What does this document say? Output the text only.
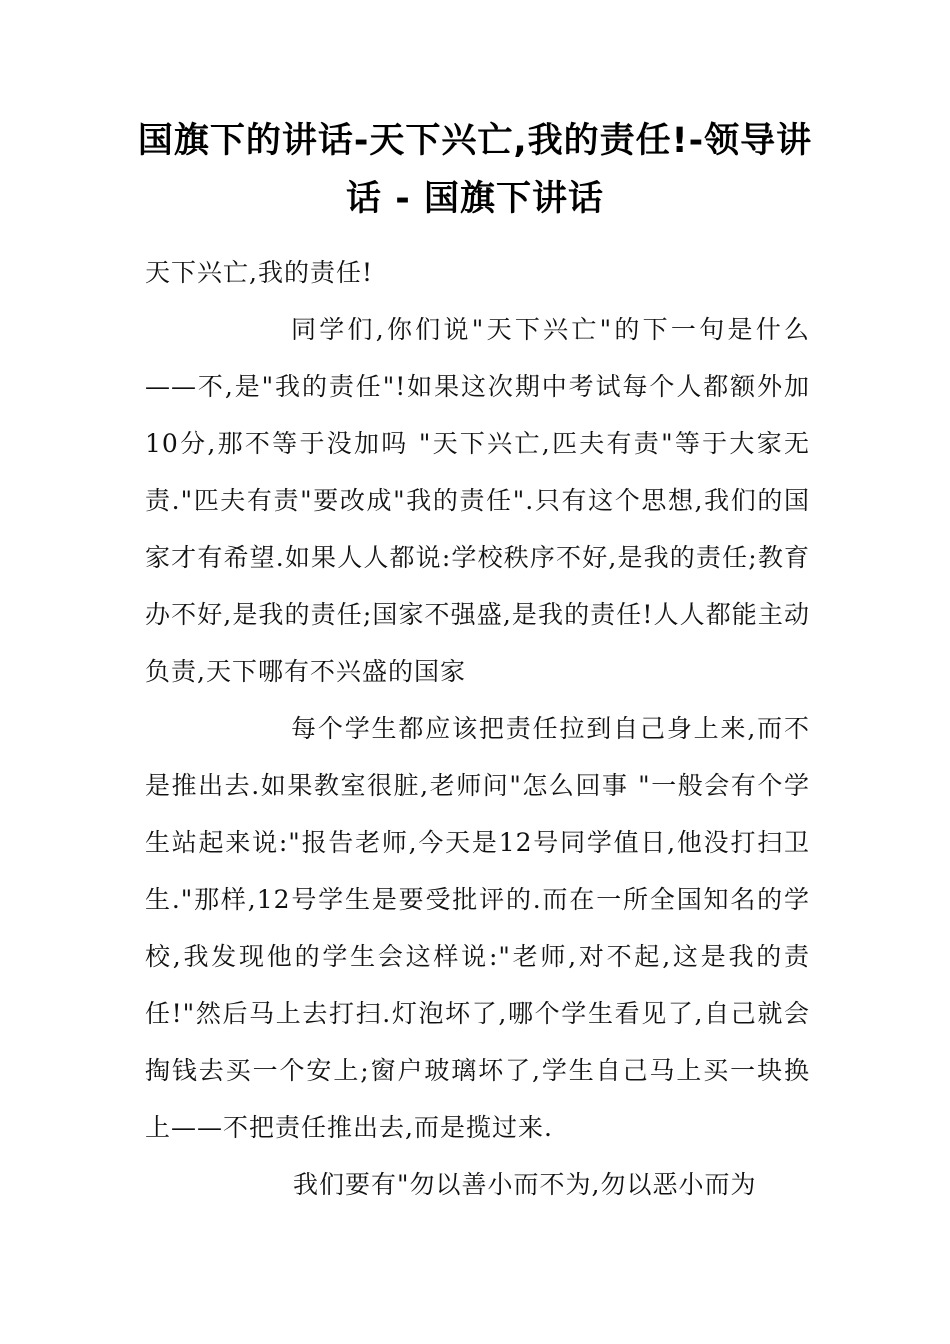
国旗下的讲话-天下兴亡,我的责任!-领导讲话 - 国旗下讲话

天下兴亡,我的责任!

同学们,你们说"天下兴亡"的下一句是什么——不,是"我的责任"!如果这次期中考试每个人都额外加10分,那不等于没加吗 "天下兴亡,匹夫有责"等于大家无责."匹夫有责"要改成"我的责任".只有这个思想,我们的国家才有希望.如果人人都说:学校秩序不好,是我的责任;教育办不好,是我的责任;国家不强盛,是我的责任!人人都能主动负责,天下哪有不兴盛的国家

每个学生都应该把责任拉到自己身上来,而不是推出去.如果教室很脏,老师问"怎么回事 "一般会有个学生站起来说:"报告老师,今天是12号同学值日,他没打扫卫生."那样,12号学生是要受批评的.而在一所全国知名的学校,我发现他的学生会这样说:"老师,对不起,这是我的责任!"然后马上去打扫.灯泡坏了,哪个学生看见了,自己就会掏钱去买一个安上;窗户玻璃坏了,学生自己马上买一块换上——不把责任推出去,而是揽过来.

我们要有"勿以善小而不为,勿以恶小而为
